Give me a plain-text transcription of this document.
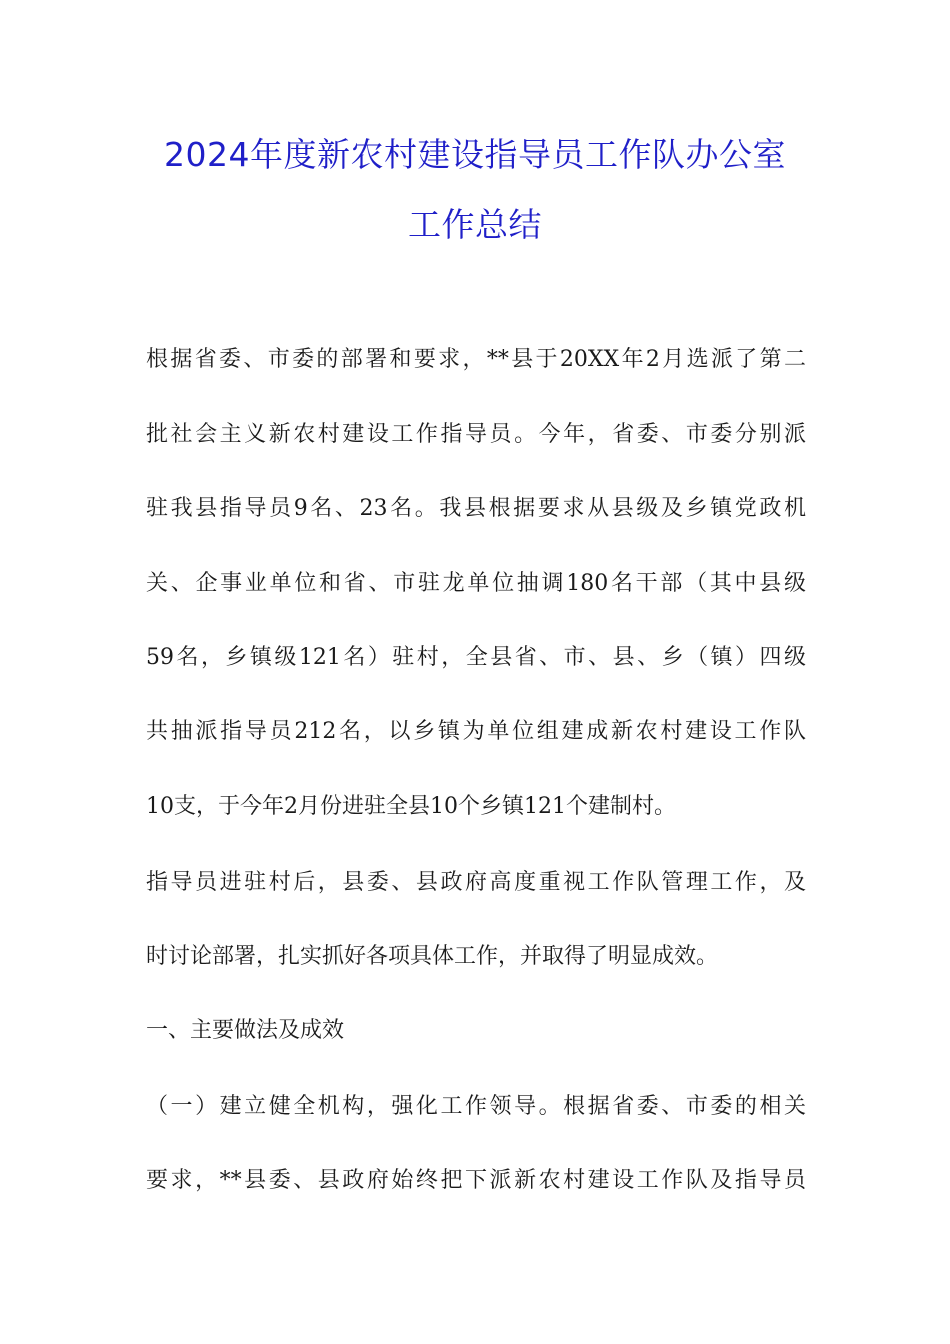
2024年度新农村建设指导员工作队办公室
工作总结
根据省委、市委的部署和要求，**县于20XX年2月选派了第二
批社会主义新农村建设工作指导员。今年，省委、市委分别派
驻我县指导员9名、23名。我县根据要求从县级及乡镇党政机
关、企事业单位和省、市驻龙单位抽调180名干部（其中县级
59名，乡镇级121名）驻村，全县省、市、县、乡（镇）四级
共抽派指导员212名，以乡镇为单位组建成新农村建设工作队
10支，于今年2月份进驻全县10个乡镇121个建制村。
指导员进驻村后，县委、县政府高度重视工作队管理工作，及
时讨论部署，扎实抓好各项具体工作，并取得了明显成效。
一、主要做法及成效
（一）建立健全机构，强化工作领导。根据省委、市委的相关
要求，**县委、县政府始终把下派新农村建设工作队及指导员
